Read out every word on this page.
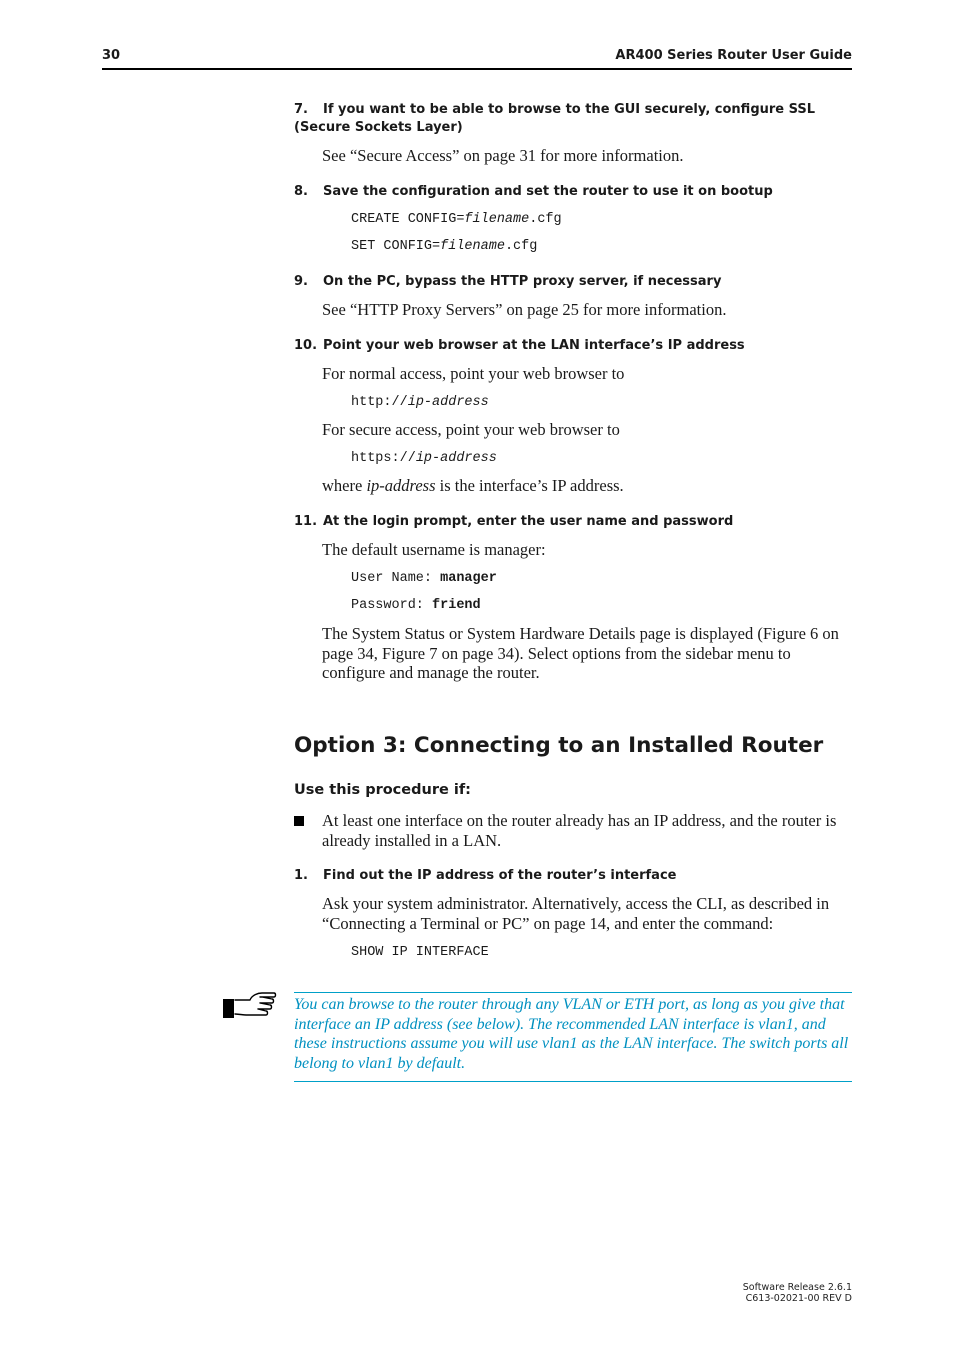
30	AR400 Series Router User Guide
7. If you want to be able to browse to the GUI securely, configure SSL (Secure Sockets Layer)
See “Secure Access” on page 31 for more information.
8. Save the configuration and set the router to use it on bootup
CREATE CONFIG=filename.cfg
SET CONFIG=filename.cfg
9. On the PC, bypass the HTTP proxy server, if necessary
See “HTTP Proxy Servers” on page 25 for more information.
10. Point your web browser at the LAN interface’s IP address
For normal access, point your web browser to
http://ip-address
For secure access, point your web browser to
https://ip-address
where ip-address is the interface’s IP address.
11. At the login prompt, enter the user name and password
The default username is manager:
User Name: manager
Password: friend
The System Status or System Hardware Details page is displayed (Figure 6 on page 34, Figure 7 on page 34). Select options from the sidebar menu to configure and manage the router.
Option 3: Connecting to an Installed Router
Use this procedure if:
At least one interface on the router already has an IP address, and the router is already installed in a LAN.
1. Find out the IP address of the router’s interface
Ask your system administrator. Alternatively, access the CLI, as described in “Connecting a Terminal or PC” on page 14, and enter the command:
SHOW IP INTERFACE
You can browse to the router through any VLAN or ETH port, as long as you give that interface an IP address (see below). The recommended LAN interface is vlan1, and these instructions assume you will use vlan1 as the LAN interface. The switch ports all belong to vlan1 by default.
Software Release 2.6.1
C613-02021-00 REV D
